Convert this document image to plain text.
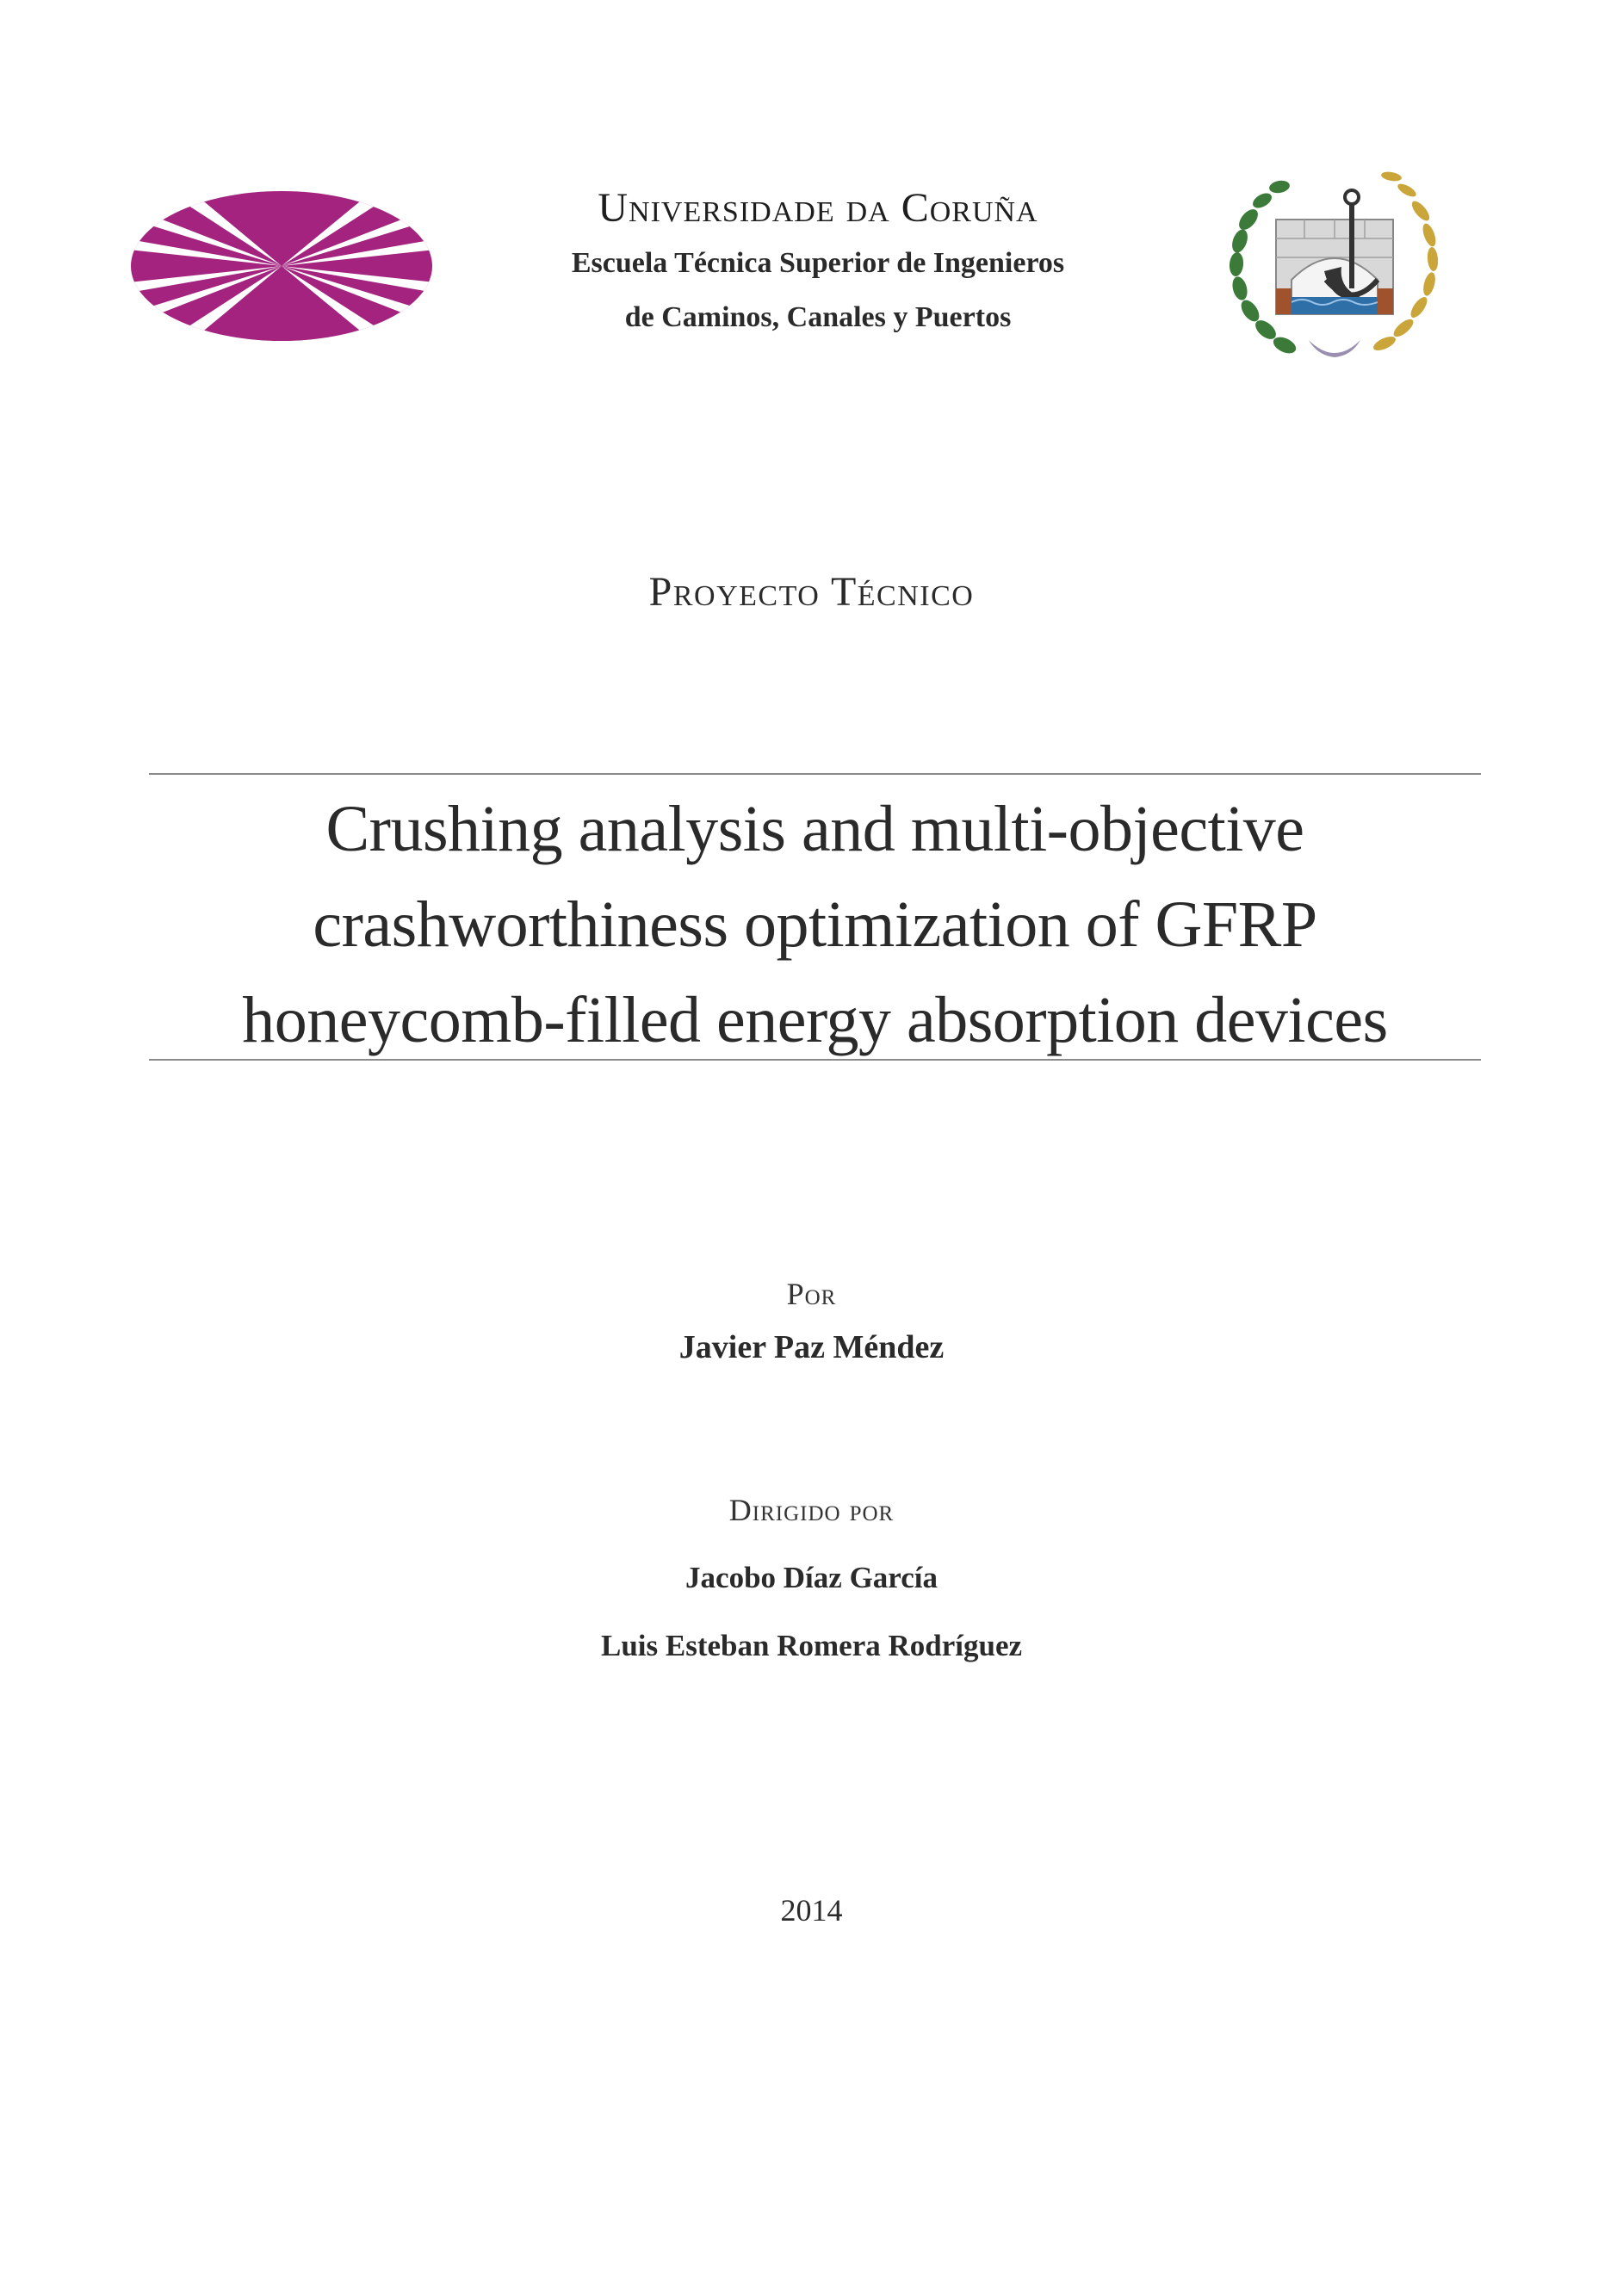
Universidade da Coruña
Escuela Técnica Superior de Ingenieros
de Caminos, Canales y Puertos
Proyecto Técnico
Crushing analysis and multi-objective
crashworthiness optimization of GFRP
honeycomb-filled energy absorption devices
Por
Javier Paz Méndez
Dirigido por
Jacobo Díaz García
Luis Esteban Romera Rodríguez
2014
